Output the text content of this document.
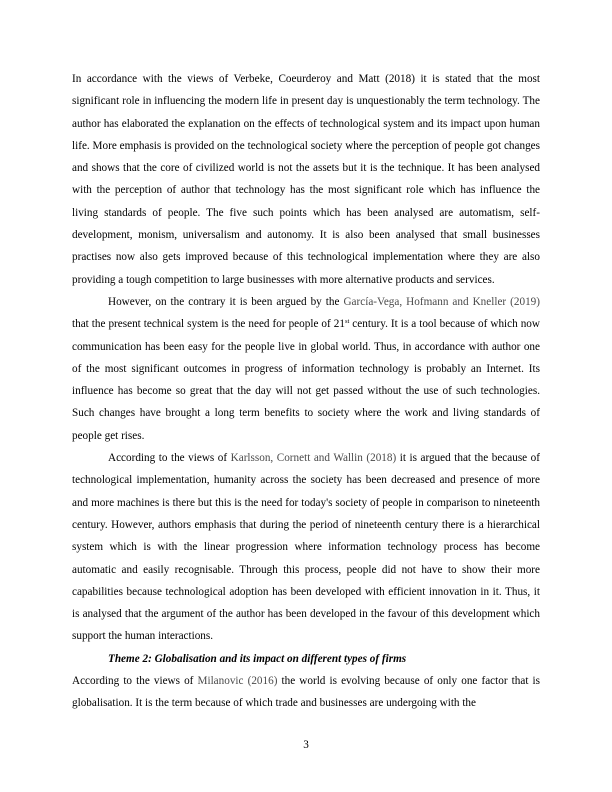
In accordance with the views of Verbeke, Coeurderoy and Matt (2018) it is stated that the most significant role in influencing the modern life in present day is unquestionably the term technology. The author has elaborated the explanation on the effects of technological system and its impact upon human life. More emphasis is provided on the technological society where the perception of people got changes and shows that the core of civilized world is not the assets but it is the technique. It has been analysed with the perception of author that technology has the most significant role which has influence the living standards of people. The five such points which has been analysed are automatism, self-development, monism, universalism and autonomy. It is also been analysed that small businesses practises now also gets improved because of this technological implementation where they are also providing a tough competition to large businesses with more alternative products and services.

However, on the contrary it is been argued by the García-Vega, Hofmann and Kneller (2019) that the present technical system is the need for people of 21st century. It is a tool because of which now communication has been easy for the people live in global world. Thus, in accordance with author one of the most significant outcomes in progress of information technology is probably an Internet. Its influence has become so great that the day will not get passed without the use of such technologies. Such changes have brought a long term benefits to society where the work and living standards of people get rises.

According to the views of Karlsson, Cornett and Wallin (2018) it is argued that the because of technological implementation, humanity across the society has been decreased and presence of more and more machines is there but this is the need for today's society of people in comparison to nineteenth century. However, authors emphasis that during the period of nineteenth century there is a hierarchical system which is with the linear progression where information technology process has become automatic and easily recognisable. Through this process, people did not have to show their more capabilities because technological adoption has been developed with efficient innovation in it. Thus, it is analysed that the argument of the author has been developed in the favour of this development which support the human interactions.

Theme 2: Globalisation and its impact on different types of firms

According to the views of Milanovic (2016) the world is evolving because of only one factor that is globalisation. It is the term because of which trade and businesses are undergoing with the

3
